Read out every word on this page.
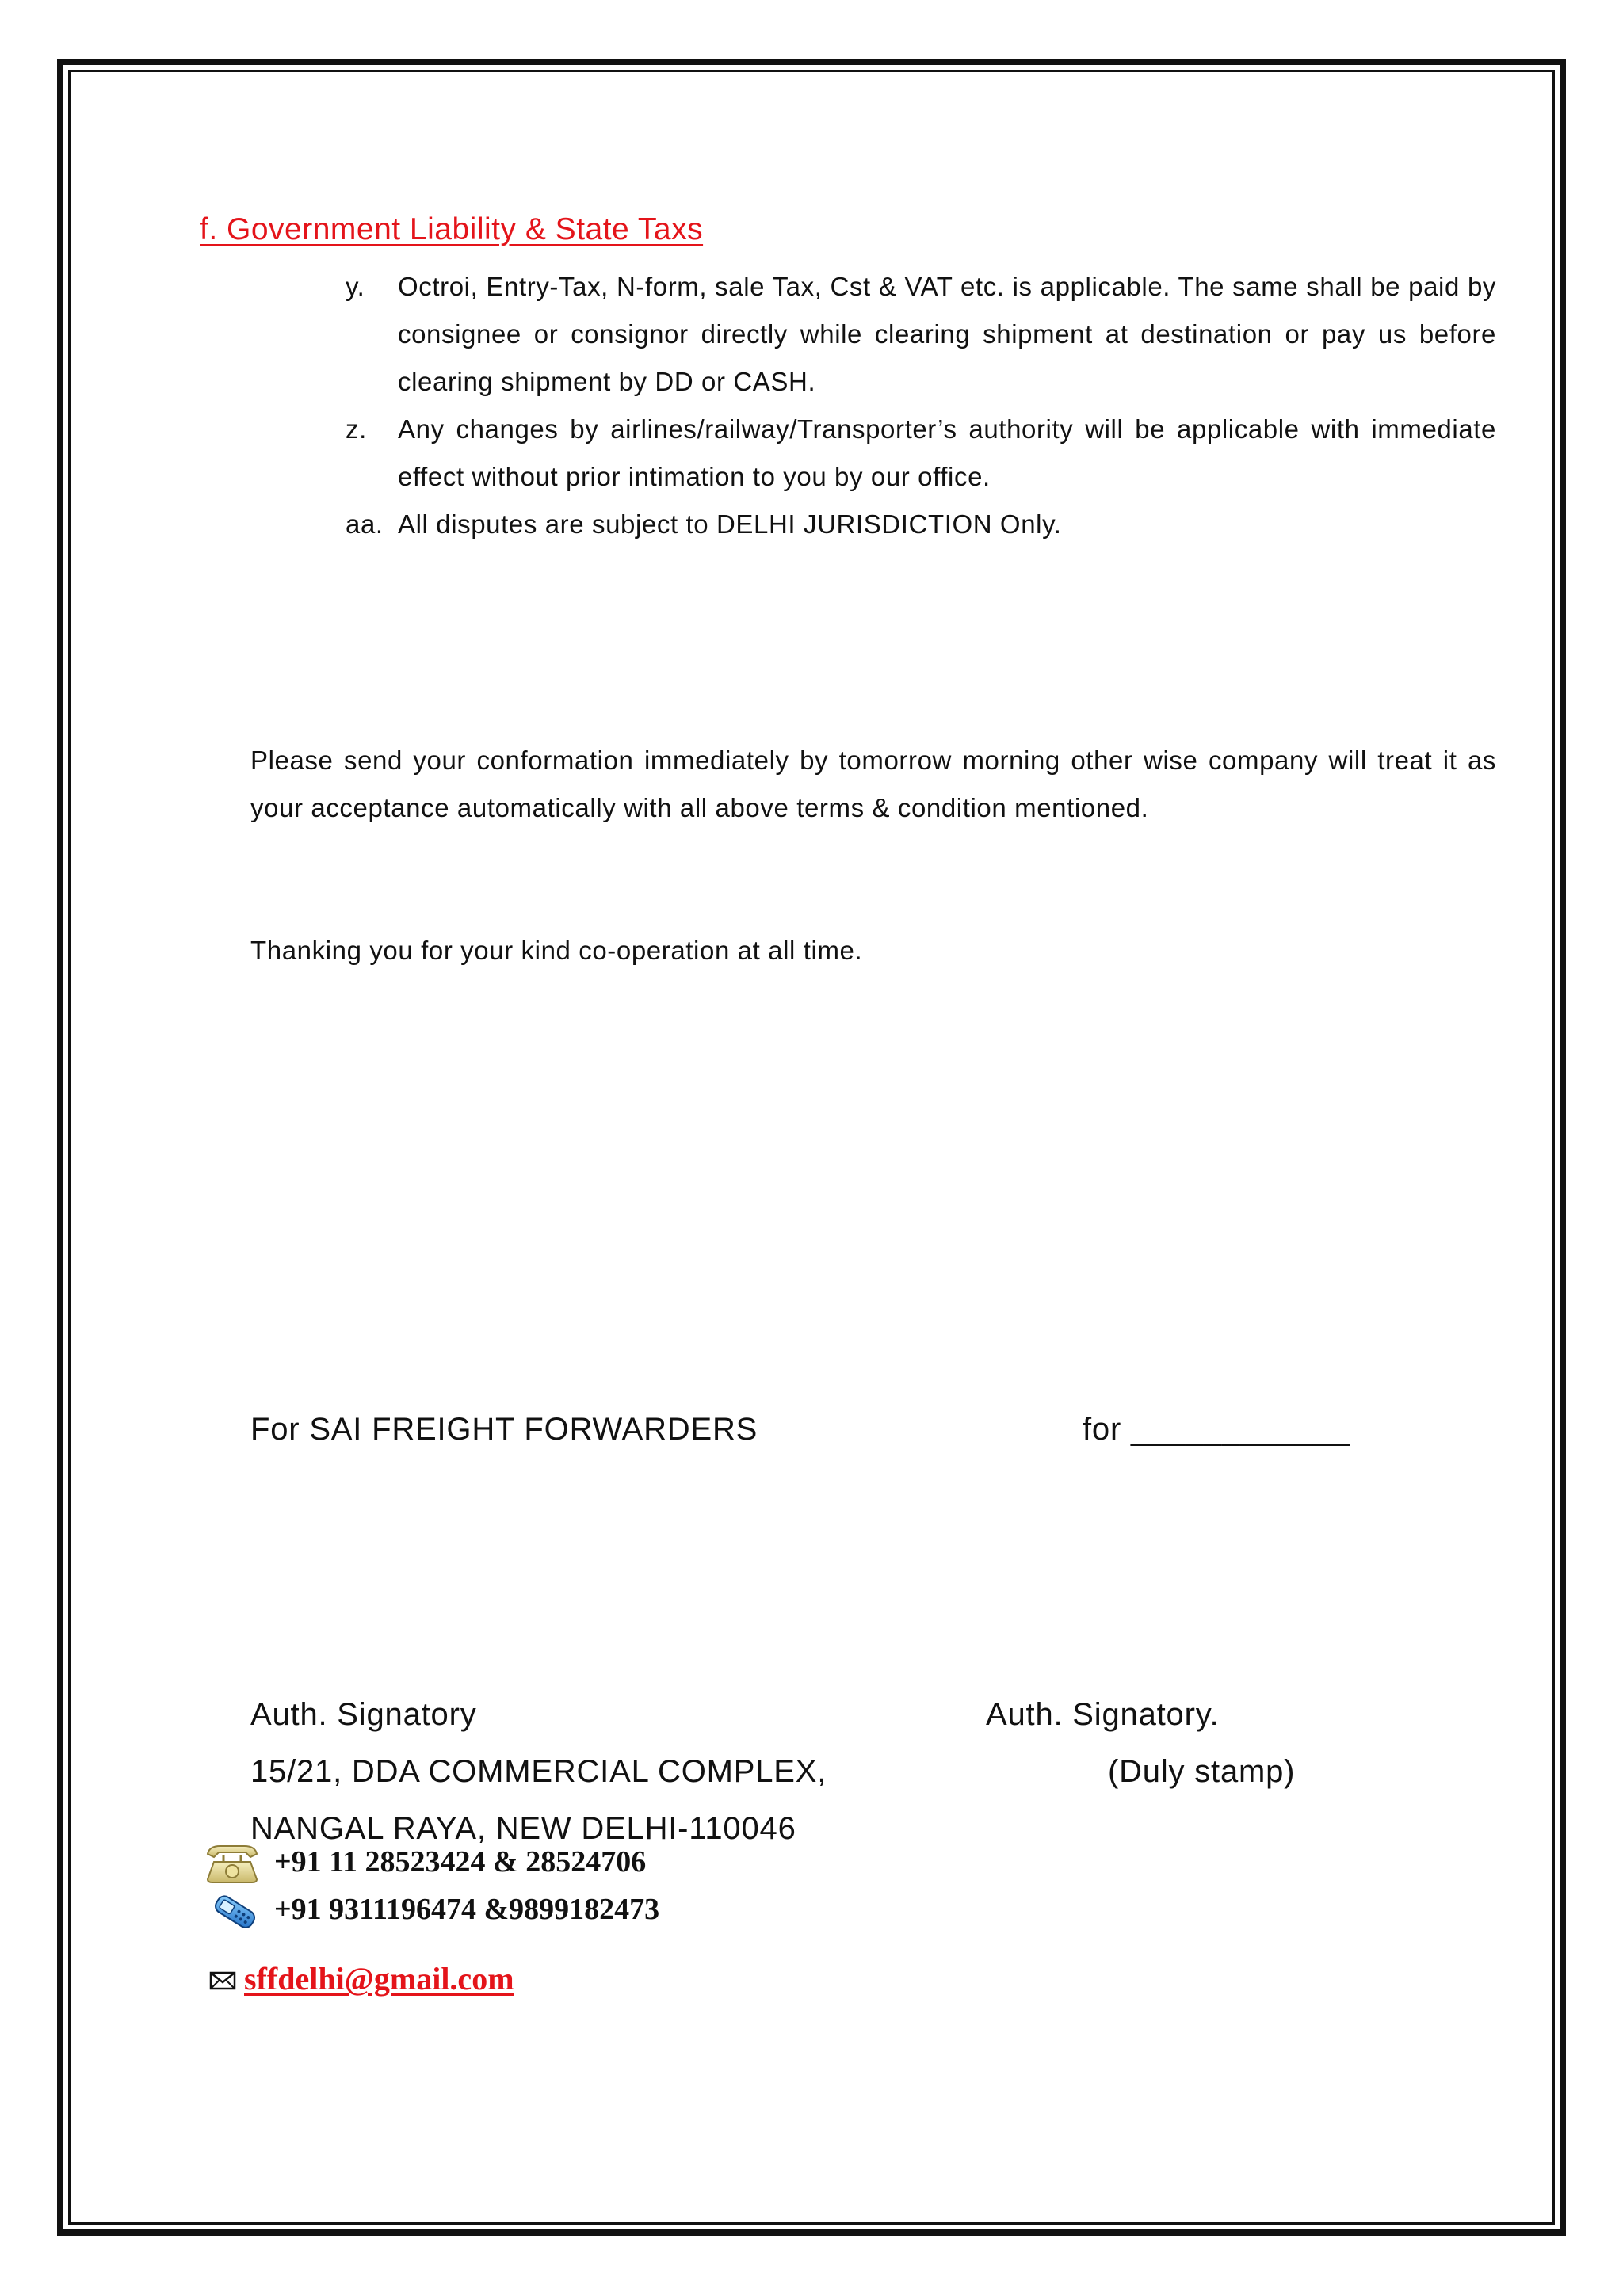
f. Government Liability & State Taxs
y. Octroi, Entry-Tax, N-form, sale Tax, Cst & VAT etc. is applicable. The same shall be paid by consignee or consignor directly while clearing shipment at destination or pay us before clearing shipment by DD or CASH.
z. Any changes by airlines/railway/Transporter’s authority will be applicable with immediate effect without prior intimation to you by our office.
aa. All disputes are subject to DELHI JURISDICTION Only.
Please send your conformation immediately by tomorrow morning other wise company will treat it as your acceptance automatically with all above terms & condition mentioned.
Thanking you for your kind co-operation at all time.
For SAI FREIGHT FORWARDERS	for ____________
Auth. Signatory	Auth. Signatory.
15/21, DDA COMMERCIAL COMPLEX,	(Duly stamp)
NANGAL RAYA, NEW DELHI-110046
+91 11 28523424 & 28524706
+91 9311196474 &9899182473
sffdelhi@gmail.com
